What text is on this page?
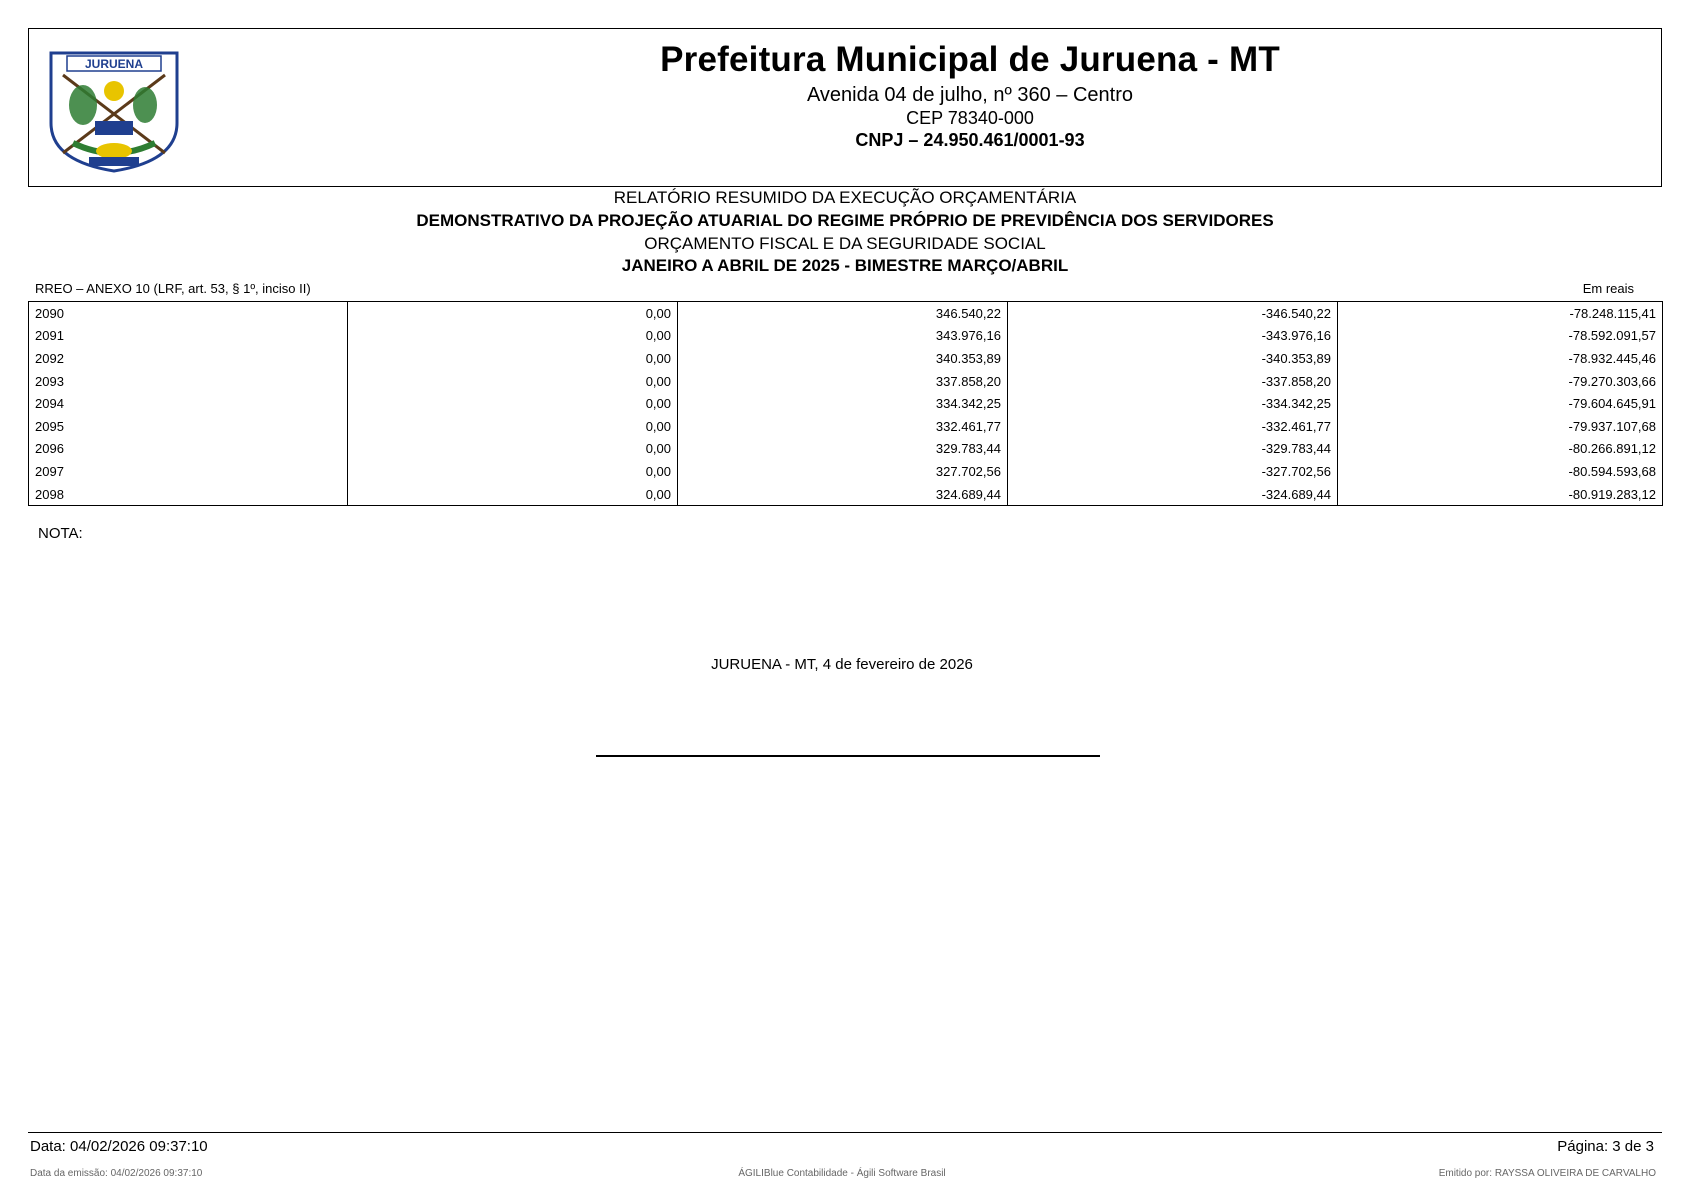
JURUENA	Prefeitura Municipal de Juruena - MT
Avenida 04 de julho, nº 360 – Centro
CEP 78340-000
CNPJ – 24.950.461/0001-93
RELATÓRIO RESUMIDO DA EXECUÇÃO ORÇAMENTÁRIA
DEMONSTRATIVO DA PROJEÇÃO ATUARIAL DO REGIME PRÓPRIO DE PREVIDÊNCIA DOS SERVIDORES
ORÇAMENTO FISCAL E DA SEGURIDADE SOCIAL
JANEIRO A ABRIL DE 2025 - BIMESTRE MARÇO/ABRIL
RREO – ANEXO 10 (LRF, art. 53, § 1º, inciso II)	Em reais
2090	0,00	346.540,22	-346.540,22	-78.248.115,41
2091	0,00	343.976,16	-343.976,16	-78.592.091,57
2092	0,00	340.353,89	-340.353,89	-78.932.445,46
2093	0,00	337.858,20	-337.858,20	-79.270.303,66
2094	0,00	334.342,25	-334.342,25	-79.604.645,91
2095	0,00	332.461,77	-332.461,77	-79.937.107,68
2096	0,00	329.783,44	-329.783,44	-80.266.891,12
2097	0,00	327.702,56	-327.702,56	-80.594.593,68
2098	0,00	324.689,44	-324.689,44	-80.919.283,12
NOTA:
JURUENA - MT, 4 de fevereiro de 2026
Data: 04/02/2026 09:37:10	Página: 3 de 3
Data da emissão: 04/02/2026 09:37:10	ÁGILIBlue Contabilidade - Ágili Software Brasil	Emitido por: RAYSSA OLIVEIRA DE CARVALHO
